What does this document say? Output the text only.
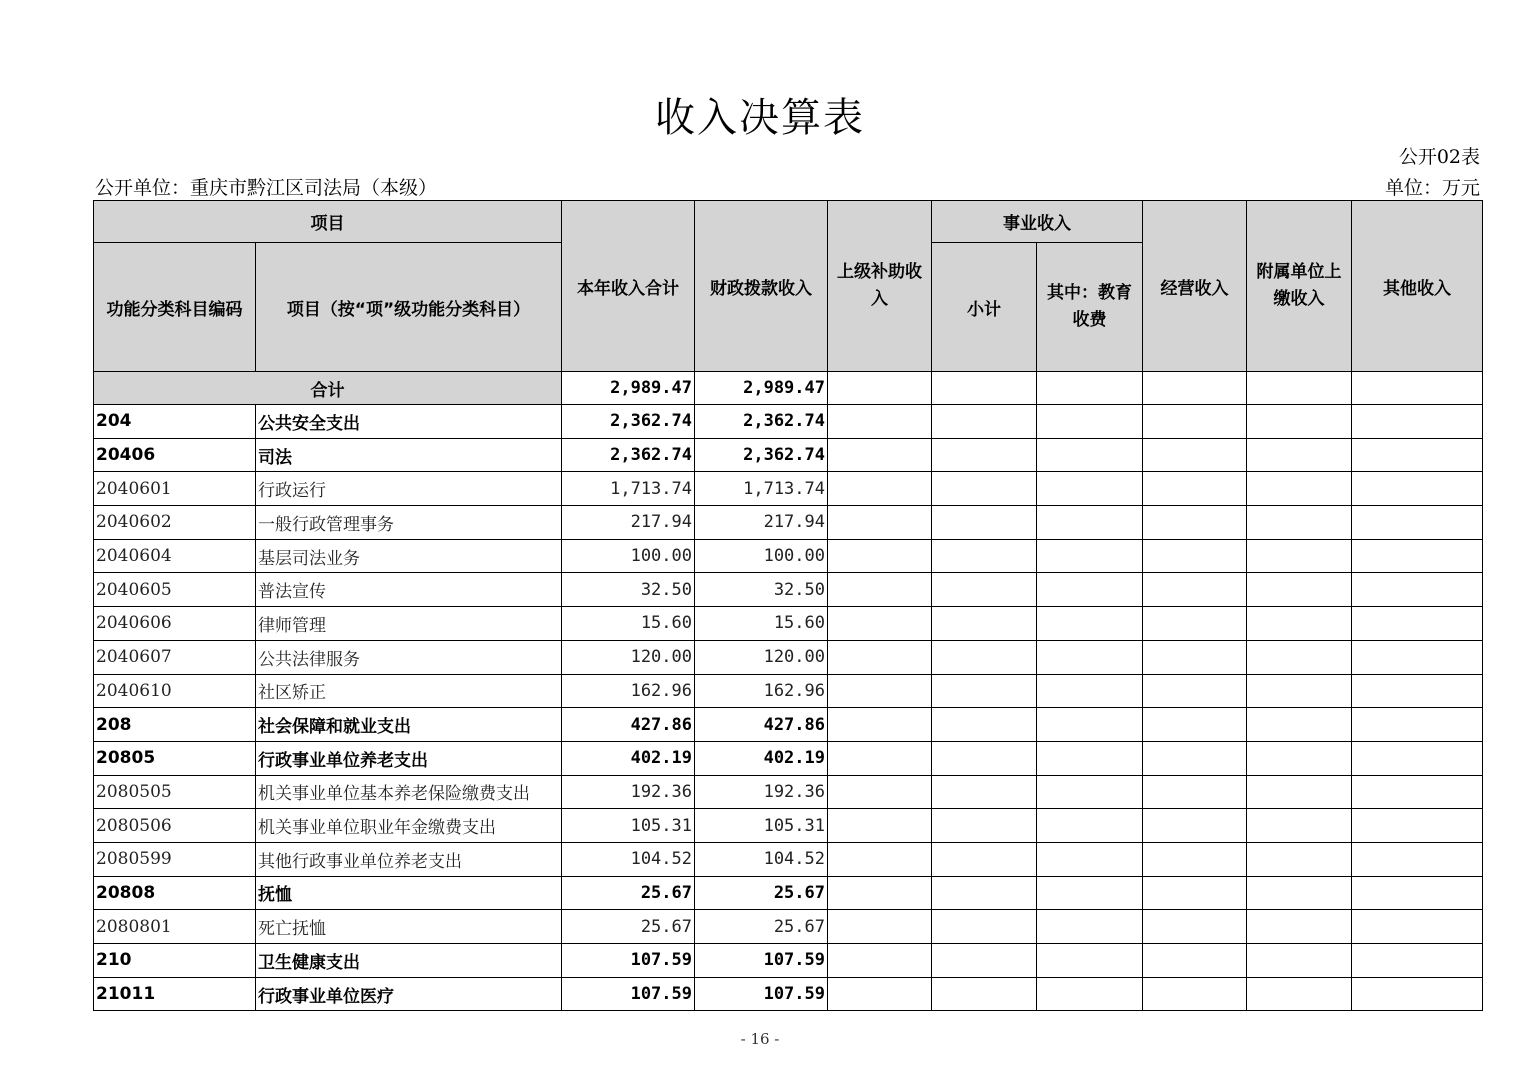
收入决算表
公开02表
公开单位：重庆市黔江区司法局（本级）	单位：万元
项目		本年收入合计	财政拨款收入	上级补助收入	事业收入		经营收入	附属单位上缴收入	其他收入
功能分类科目编码	项目（按“项”级功能分类科目）				小计	其中：教育收费			
合计		2,989.47	2,989.47						
204	公共安全支出	2,362.74	2,362.74						
20406	司法	2,362.74	2,362.74						
2040601	行政运行	1,713.74	1,713.74						
2040602	一般行政管理事务	217.94	217.94						
2040604	基层司法业务	100.00	100.00						
2040605	普法宣传	32.50	32.50						
2040606	律师管理	15.60	15.60						
2040607	公共法律服务	120.00	120.00						
2040610	社区矫正	162.96	162.96						
208	社会保障和就业支出	427.86	427.86						
20805	行政事业单位养老支出	402.19	402.19						
2080505	机关事业单位基本养老保险缴费支出	192.36	192.36						
2080506	机关事业单位职业年金缴费支出	105.31	105.31						
2080599	其他行政事业单位养老支出	104.52	104.52						
20808	抚恤	25.67	25.67						
2080801	死亡抚恤	25.67	25.67						
210	卫生健康支出	107.59	107.59						
21011	行政事业单位医疗	107.59	107.59						
- 16 -
